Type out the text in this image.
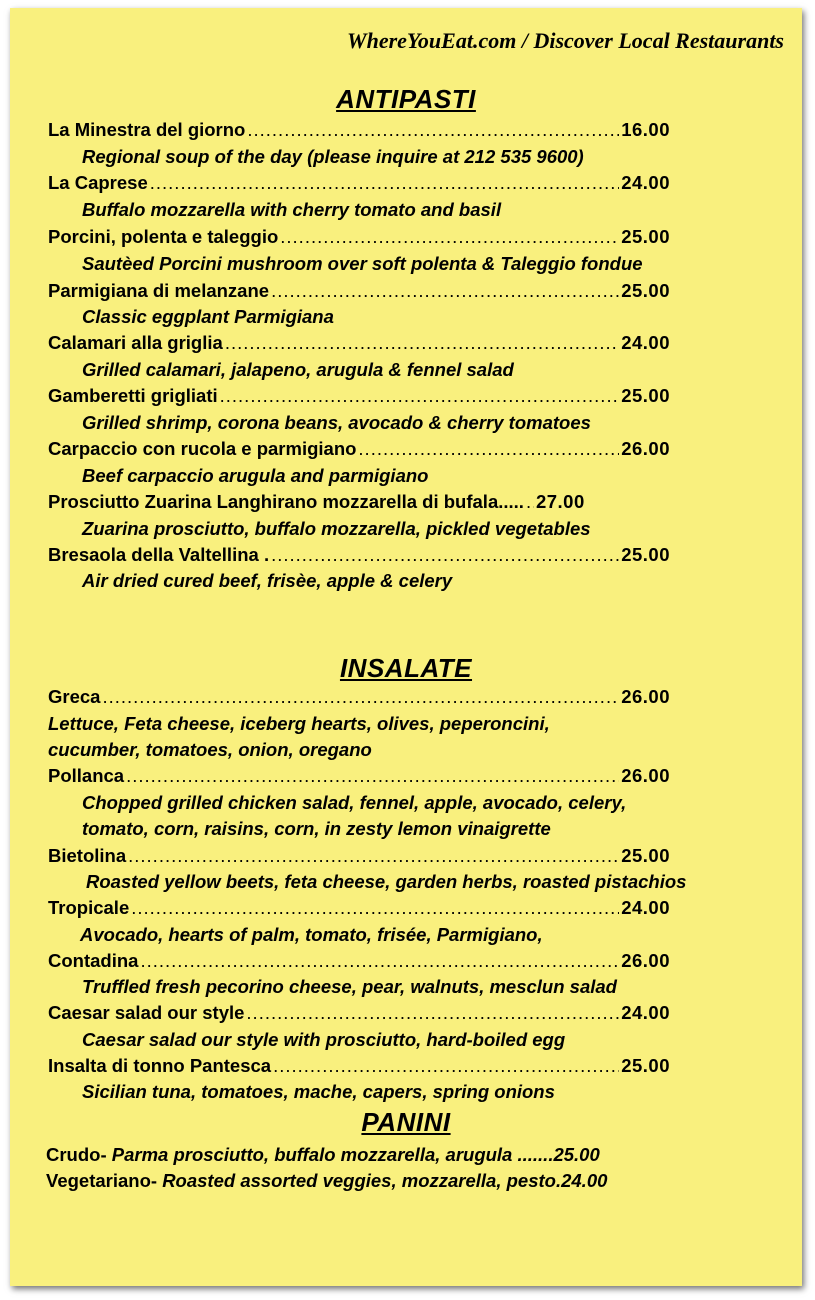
WhereYouEat.com / Discover Local Restaurants
ANTIPASTI
La Minestra del giorno .....	16.00
Regional soup of the day (please inquire at 212 535 9600)
La Caprese .....	24.00
Buffalo mozzarella with cherry tomato and basil
Porcini, polenta e taleggio .....	25.00
Sautèed Porcini mushroom over soft polenta & Taleggio fondue
Parmigiana di melanzane .....	25.00
Classic eggplant Parmigiana
Calamari alla griglia .....	24.00
Grilled calamari, jalapeno, arugula & fennel salad
Gamberetti grigliati .....	25.00
Grilled shrimp, corona beans, avocado & cherry tomatoes
Carpaccio con rucola e parmigiano .....	26.00
Beef carpaccio arugula and parmigiano
Prosciutto Zuarina Langhirano mozzarella di bufala..... ..... 27.00
Zuarina prosciutto, buffalo mozzarella, pickled vegetables
Bresaola della Valtellina . .....	25.00
Air dried cured beef, frisèe, apple & celery
INSALATE
Greca .....	26.00
Lettuce, Feta cheese, iceberg hearts, olives, peperoncini,
cucumber, tomatoes, onion, oregano
Pollanca .....	26.00
Chopped grilled chicken salad, fennel, apple, avocado, celery,
tomato, corn, raisins, corn, in zesty lemon vinaigrette
Bietolina .....	25.00
Roasted yellow beets, feta cheese, garden herbs, roasted pistachios
Tropicale .....	24.00
Avocado, hearts of palm, tomato, frisée, Parmigiano,
Contadina .....	26.00
Truffled fresh pecorino cheese, pear, walnuts, mesclun salad
Caesar salad our style .....	24.00
Caesar salad our style with prosciutto, hard-boiled egg
Insalta di tonno Pantesca .....	25.00
Sicilian tuna, tomatoes, mache, capers, spring onions
PANINI
Crudo- Parma prosciutto, buffalo mozzarella, arugula .......25.00
Vegetariano- Roasted assorted veggies, mozzarella, pesto.24.00
